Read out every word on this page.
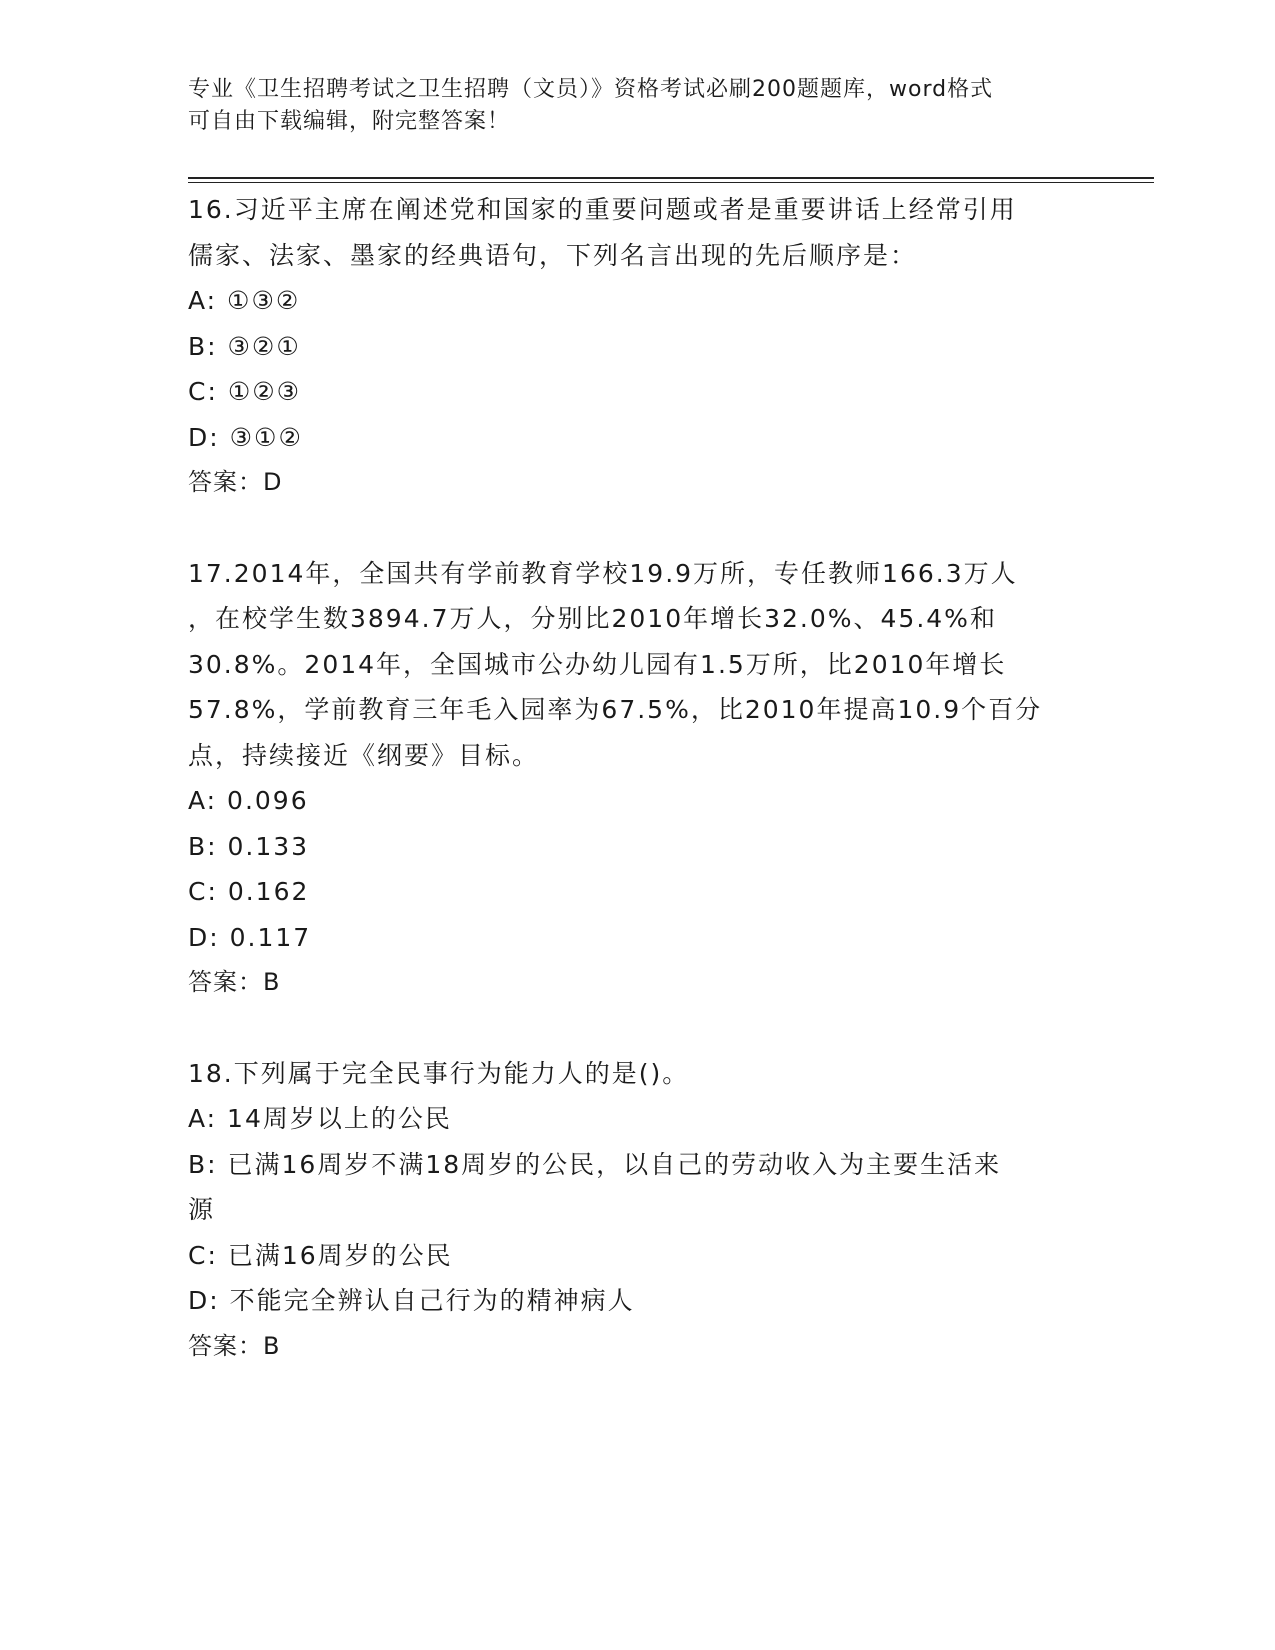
专业《卫生招聘考试之卫生招聘（文员）》资格考试必刷200题题库，word格式
可自由下载编辑，附完整答案！
16.习近平主席在阐述党和国家的重要问题或者是重要讲话上经常引用
儒家、法家、墨家的经典语句，下列名言出现的先后顺序是：
A: ①③②
B: ③②①
C: ①②③
D: ③①②
答案：D
17.2014年，全国共有学前教育学校19.9万所，专任教师166.3万人
，在校学生数3894.7万人，分别比2010年增长32.0%、45.4%和
30.8%。2014年，全国城市公办幼儿园有1.5万所，比2010年增长
57.8%，学前教育三年毛入园率为67.5%，比2010年提高10.9个百分
点，持续接近《纲要》目标。
A: 0.096
B: 0.133
C: 0.162
D: 0.117
答案：B
18.下列属于完全民事行为能力人的是()。
A: 14周岁以上的公民
B: 已满16周岁不满18周岁的公民，以自己的劳动收入为主要生活来
源
C: 已满16周岁的公民
D: 不能完全辨认自己行为的精神病人
答案：B
